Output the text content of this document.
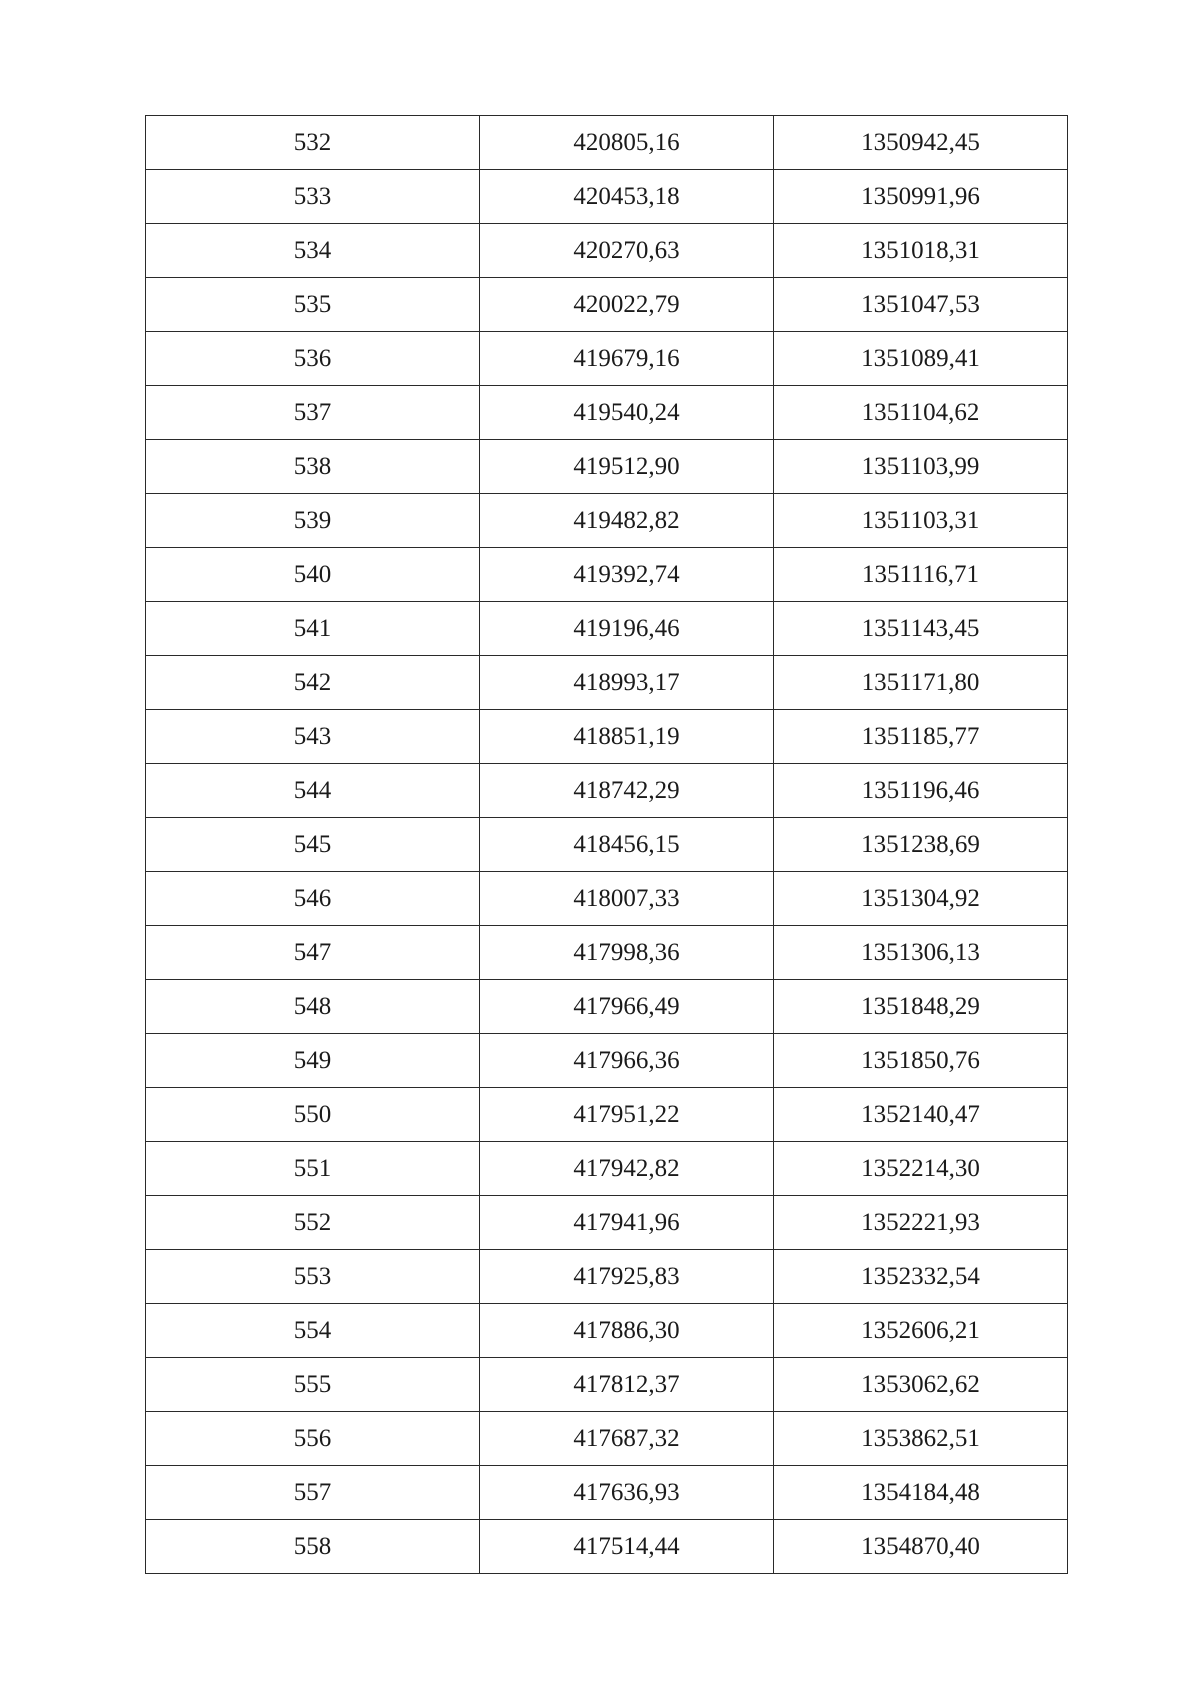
532	420805,16	1350942,45
533	420453,18	1350991,96
534	420270,63	1351018,31
535	420022,79	1351047,53
536	419679,16	1351089,41
537	419540,24	1351104,62
538	419512,90	1351103,99
539	419482,82	1351103,31
540	419392,74	1351116,71
541	419196,46	1351143,45
542	418993,17	1351171,80
543	418851,19	1351185,77
544	418742,29	1351196,46
545	418456,15	1351238,69
546	418007,33	1351304,92
547	417998,36	1351306,13
548	417966,49	1351848,29
549	417966,36	1351850,76
550	417951,22	1352140,47
551	417942,82	1352214,30
552	417941,96	1352221,93
553	417925,83	1352332,54
554	417886,30	1352606,21
555	417812,37	1353062,62
556	417687,32	1353862,51
557	417636,93	1354184,48
558	417514,44	1354870,40
